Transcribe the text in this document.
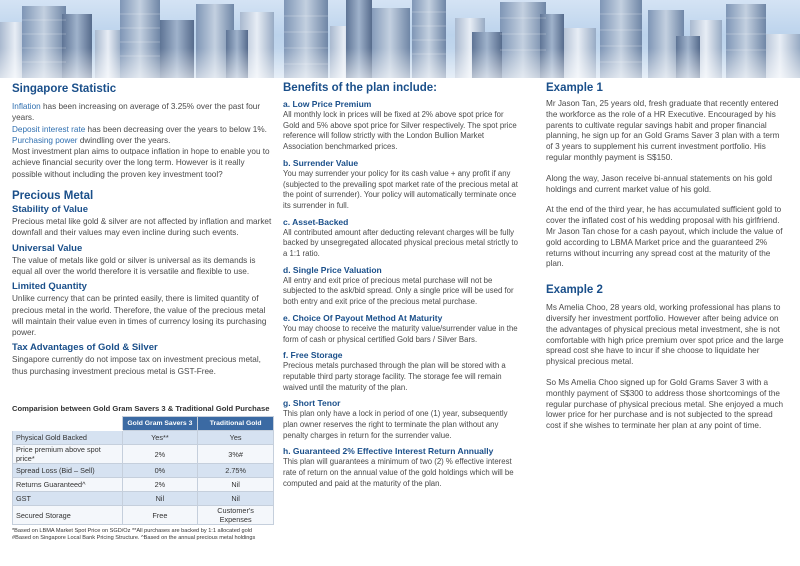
Singapore Statistic
Inflation has been increasing on average of 3.25% over the past four years.
Deposit interest rate has been decreasing over the years to below 1%.
Purchasing power dwindling over the years.
Most investment plan aims to outpace inflation in hope to enable you to achieve financial security over the long term. However is it really possible without including the proven key investment tool?
Precious Metal
Stability of Value
Precious metal like gold & silver are not affected by inflation and market downfall and their values may even incline during such events.
Universal Value
The value of metals like gold or silver is universal as its demands is equal all over the world therefore it is versatile and flexible to use.
Limited Quantity
Unlike currency that can be printed easily, there is limited quantity of precious metal in the world. Therefore, the value of the precious metal will maintain their value even in times of currency losing its purchasing power.
Tax Advantages of Gold & Silver
Singapore currently do not impose tax on investment precious metal, thus purchasing investment precious metal is GST-Free.
Comparision between Gold Gram Savers 3 & Traditional Gold Purchase
	Gold Gram Savers 3	Traditional Gold
Physical Gold Backed	Yes**	Yes
Price premium above spot price*	2%	3%#
Spread Loss (Bid – Sell)	0%	2.75%
Returns Guaranteed^	2%	Nil
GST	Nil	Nil
Secured Storage	Free	Customer's Expenses
*Based on LBMA Market Spot Price on SGD/Oz **All purchases are backed by 1:1 allocated gold
#Based on Singapore Local Bank Pricing Structure. ^Based on the annual precious metal holdings
Benefits of the plan include:
a. Low Price Premium
All monthly lock in prices will be fixed at 2% above spot price for Gold and 5% above spot price for Silver respectively. The spot price reference will follow strictly with the London Bullion Market Association benchmarked prices.
b. Surrender Value
You may surrender your policy for its cash value + any profit if any (subjected to the prevailing spot market rate of the precious metal at the point of surrender). Your policy will automatically terminate once its surrender in full.
c. Asset-Backed
All contributed amount after deducting relevant charges will be fully backed by unsegregated allocated physical precious metal strictly to a 1:1 ratio.
d. Single Price Valuation
All entry and exit price of precious metal purchase will not be subjected to the ask/bid spread. Only a single price will be used for both entry and exit price of the precious metal purchase.
e. Choice Of Payout Method At Maturity
You may choose to receive the maturity value/surrender value in the form of cash or physical certified Gold bars / Silver Bars.
f. Free Storage
Precious metals purchased through the plan will be stored with a reputable third party storage facility. The storage fee will remain waived until the maturity of the plan.
g. Short Tenor
This plan only have a lock in period of one (1) year, subsequently plan owner reserves the right to terminate the plan without any penalty charges in return for the surrender value.
h. Guaranteed 2% Effective Interest Return Annually
This plan will guarantees a minimum of two (2) % effective interest rate of return on the annual value of the gold holdings which will be computed and paid at the maturity of the plan.
Example 1
Mr Jason Tan, 25 years old, fresh graduate that recently entered the workforce as the role of a HR Executive. Encouraged by his parents to cultivate regular savings habit and proper financial planning, he sign up for an Gold Grams Saver 3 plan with a term of 3 years to supplement his current investment portfolio. His regular monthly payment is S$150.
Along the way, Jason receive bi-annual statements on his gold holdings and current market value of his gold.
At the end of the third year, he has accumulated sufficient gold to cover the inflated cost of his wedding proposal with his girlfriend. Mr Jason Tan chose for a cash payout, which include the value of gold according to LBMA Market price and the guaranteed 2% returns without incurring any spread cost at the maturity of the plan.
Example 2
Ms Amelia Choo, 28 years old, working professional has plans to diversify her investment portfolio. However after being advice on the advantages of physical precious metal investment, she is not comfortable with high price premium over spot price and the large spread cost she have to incur if she choose to liquidate her physical precious metal.
So Ms Amelia Choo signed up for Gold Grams Saver 3 with a monthly payment of S$300 to address those shortcomings of the regular purchase of physical precious metal. She enjoyed a much lower price for her purchase and is not subjected to the spread cost if she wishes to terminate her plan at any point of time.
